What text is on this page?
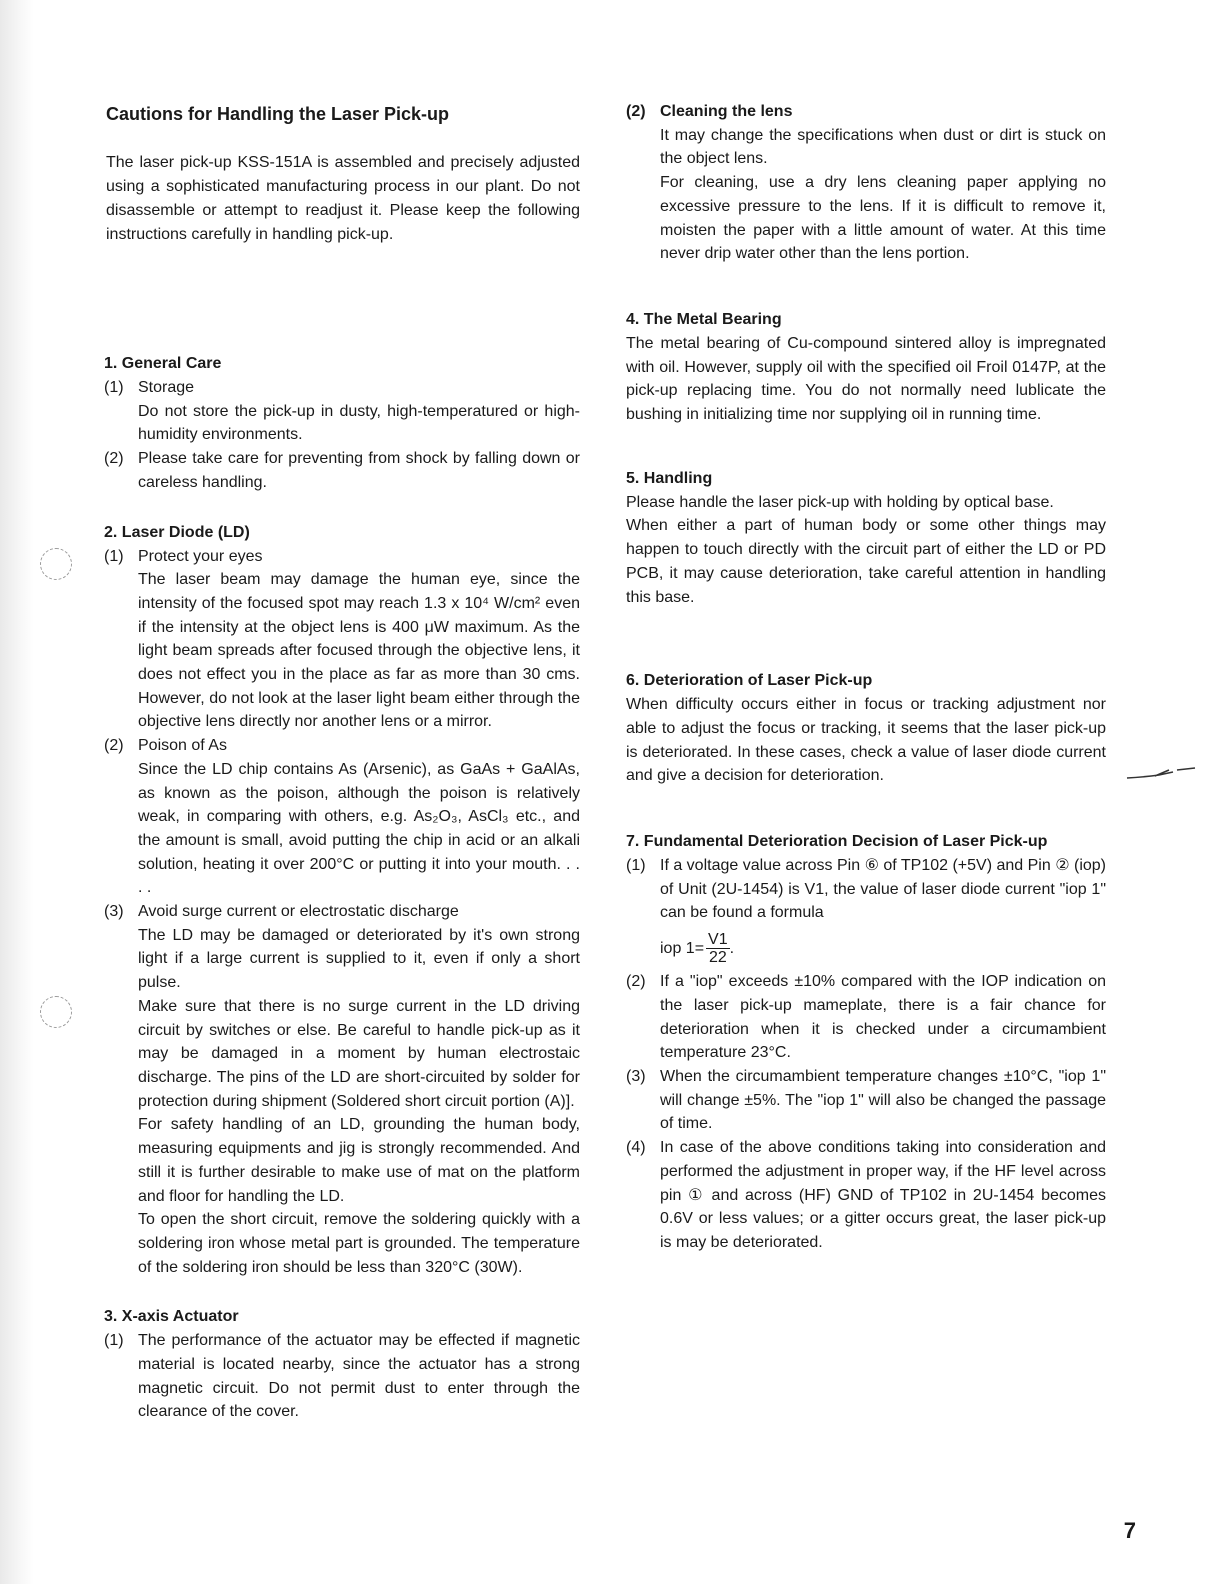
Cautions for Handling the Laser Pick-up

The laser pick-up KSS-151A is assembled and precisely adjusted using a sophisticated manufacturing process in our plant. Do not disassemble or attempt to readjust it. Please keep the following instructions carefully in handling pick-up.

1. General Care
(1) Storage
Do not store the pick-up in dusty, high-temperatured or high-humidity environments.
(2) Please take care for preventing from shock by falling down or careless handling.
2. Laser Diode (LD)
(1) Protect your eyes
The laser beam may damage the human eye, since the intensity of the focused spot may reach 1.3 x 10⁴ W/cm² even if the intensity at the object lens is 400 μW maximum. As the light beam spreads after focused through the objective lens, it does not effect you in the place as far as more than 30 cms. However, do not look at the laser light beam either through the objective lens directly nor another lens or a mirror.
(2) Poison of As
Since the LD chip contains As (Arsenic), as GaAs + GaAlAs, as known as the poison, although the poison is relatively weak, in comparing with others, e.g. As₂O₃, AsCl₃ etc., and the amount is small, avoid putting the chip in acid or an alkali solution, heating it over 200°C or putting it into your mouth. . . . .
(3) Avoid surge current or electrostatic discharge

The LD may be damaged or deteriorated by it's own strong light if a large current is supplied to it, even if only a short pulse.

Make sure that there is no surge current in the LD driving circuit by switches or else. Be careful to handle pick-up as it may be damaged in a moment by human electrostaic discharge. The pins of the LD are short-circuited by solder for protection during shipment (Soldered short circuit portion (A)].

For safety handling of an LD, grounding the human body, measuring equipments and jig is strongly recommended. And still it is further desirable to make use of mat on the platform and floor for handling the LD.

To open the short circuit, remove the soldering quickly with a soldering iron whose metal part is grounded. The temperature of the soldering iron should be less than 320°C (30W).

3. X-axis Actuator
(1) The performance of the actuator may be effected if magnetic material is located nearby, since the actuator has a strong magnetic circuit. Do not permit dust to enter through the clearance of the cover.
(2) Cleaning the lens

It may change the specifications when dust or dirt is stuck on the object lens.

For cleaning, use a dry lens cleaning paper applying no excessive pressure to the lens. If it is difficult to remove it, moisten the paper with a little amount of water. At this time never drip water other than the lens portion.

4. The Metal Bearing
The metal bearing of Cu-compound sintered alloy is impregnated with oil. However, supply oil with the specified oil Froil 0147P, at the pick-up replacing time. You do not normally need lublicate the bushing in initializing time nor supplying oil in running time.
5. Handling
Please handle the laser pick-up with holding by optical base.
When either a part of human body or some other things may happen to touch directly with the circuit part of either the LD or PD PCB, it may cause deterioration, take careful attention in handling this base.
6. Deterioration of Laser Pick-up
When difficulty occurs either in focus or tracking adjustment nor able to adjust the focus or tracking, it seems that the laser pick-up is deteriorated. In these cases, check a value of laser diode current and give a decision for deterioration.
7. Fundamental Deterioration Decision of Laser Pick-up
(1) If a voltage value across Pin ⑥ of TP102 (+5V) and Pin ② (iop) of Unit (2U-1454) is V1, the value of laser diode current "iop 1" can be found a formula
iop $1= \frac{V1}{22}$ .
(2) If a "iop" exceeds ±10% compared with the IOP indication on the laser pick-up mameplate, there is a fair chance for deterioration when it is checked under a circumambient temperature 23°C.
(3) When the circumambient temperature changes ±10°C, "iop 1" will change ±5%. The "iop 1" will also be changed the passage of time.
(4) In case of the above conditions taking into consideration and performed the adjustment in proper way, if the HF level across pin ① and across (HF) GND of TP102 in 2U-1454 becomes 0.6V or less values; or a gitter occurs great, the laser pick-up is may be deteriorated.
7
